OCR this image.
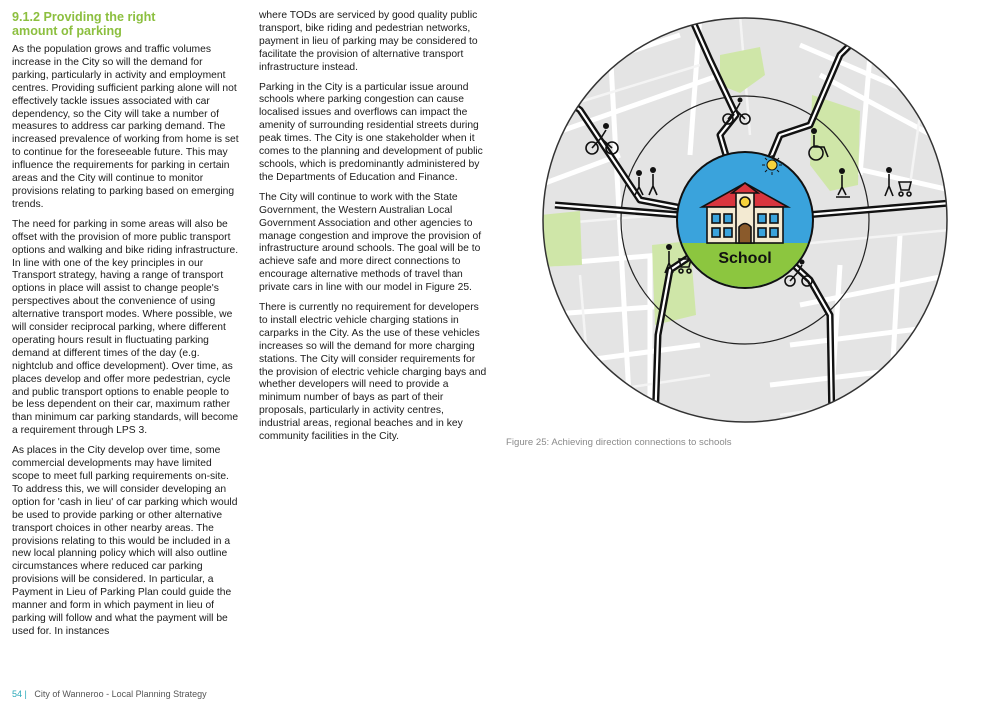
9.1.2 Providing the right
amount of parking

As the population grows and traffic volumes increase in the City so will the demand for parking, particularly in activity and employment centres. Providing sufficient parking alone will not effectively tackle issues associated with car dependency, so the City will take a number of measures to address car parking demand. The increased prevalence of working from home is set to continue for the foreseeable future. This may influence the requirements for parking in certain areas and the City will continue to monitor provisions relating to parking based on emerging trends.

The need for parking in some areas will also be offset with the provision of more public transport options and walking and bike riding infrastructure. In line with one of the key principles in our Transport strategy, having a range of transport options in place will assist to change people's perspectives about the convenience of using alternative transport modes. Where possible, we will consider reciprocal parking, where different operating hours result in fluctuating parking demand at different times of the day (e.g. nightclub and office development). Over time, as places develop and offer more pedestrian, cycle and public transport options to enable people to be less dependent on their car, maximum rather than minimum car parking standards, will become a requirement through LPS 3.

As places in the City develop over time, some commercial developments may have limited scope to meet full parking requirements on-site. To address this, we will consider developing an option for 'cash in lieu' of car parking which would be used to provide parking or other alternative transport choices in other nearby areas. The provisions relating to this would be included in a new local planning policy which will also outline circumstances where reduced car parking provisions will be considered. In particular, a Payment in Lieu of Parking Plan could guide the manner and form in which payment in lieu of parking will follow and what the payment will be used for. In instances

where TODs are serviced by good quality public transport, bike riding and pedestrian networks, payment in lieu of parking may be considered to facilitate the provision of alternative transport infrastructure instead.

Parking in the City is a particular issue around schools where parking congestion can cause localised issues and overflows can impact the amenity of surrounding residential streets during peak times. The City is one stakeholder when it comes to the planning and development of public schools, which is predominantly administered by the Departments of Education and Finance.

The City will continue to work with the State Government, the Western Australian Local Government Association and other agencies to manage congestion and improve the provision of infrastructure around schools. The goal will be to achieve safe and more direct connections to encourage alternative methods of travel than private cars in line with our model in Figure 25.

There is currently no requirement for developers to install electric vehicle charging stations in carparks in the City. As the use of these vehicles increases so will the demand for more charging stations. The City will consider requirements for the provision of electric vehicle charging bays and whether developers will need to provide a minimum number of bays as part of their proposals, particularly in activity centres, industrial areas, regional beaches and in key community facilities in the City.

School
Figure 25: Achieving direction connections to schools
54 | City of Wanneroo - Local Planning Strategy
